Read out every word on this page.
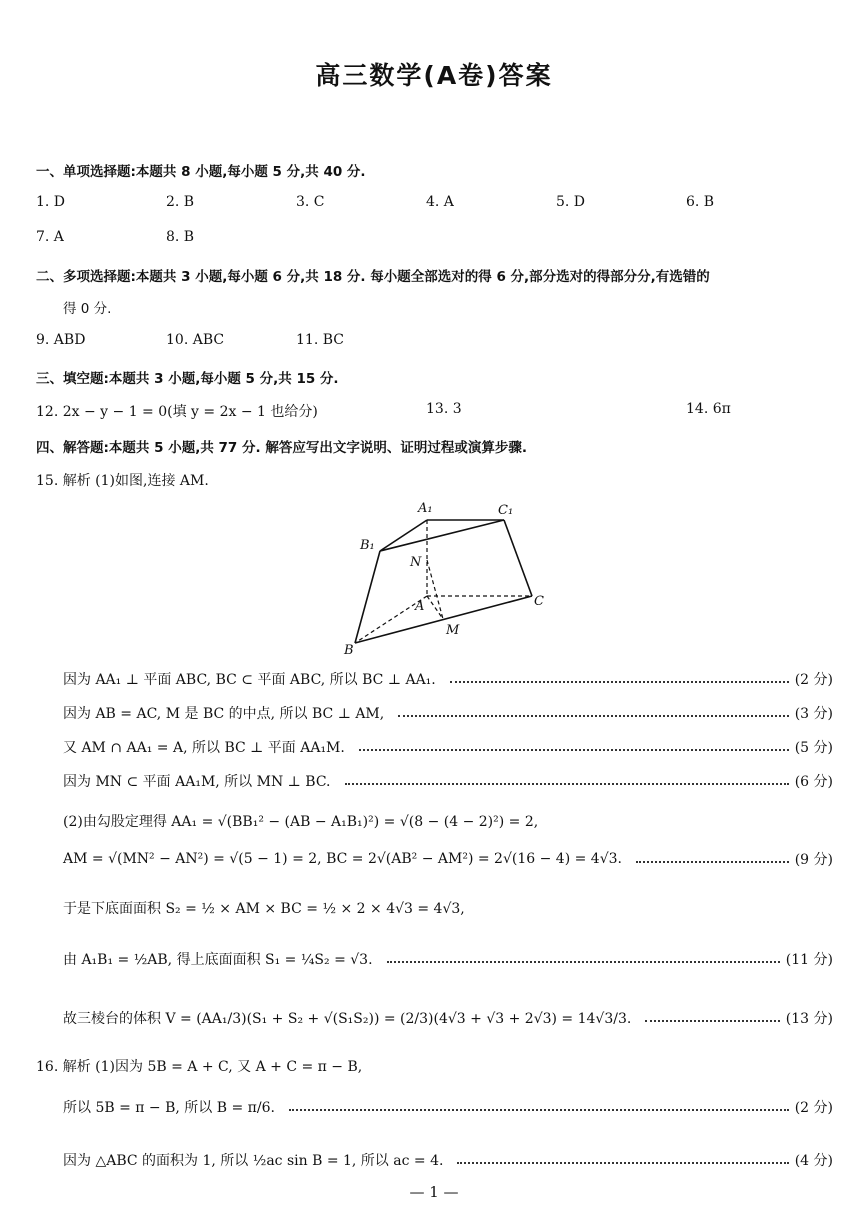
高三数学(A卷)答案
一、单项选择题:本题共 8 小题,每小题 5 分,共 40 分.
1. D	2. B	3. C	4. A	5. D	6. B
7. A	8. B
二、多项选择题:本题共 3 小题,每小题 6 分,共 18 分. 每小题全部选对的得 6 分,部分选对的得部分分,有选错的
得 0 分.
9. ABD	10. ABC	11. BC
三、填空题:本题共 3 小题,每小题 5 分,共 15 分.
12. 2x − y − 1 = 0(填 y = 2x − 1 也给分)	13. 3	14. 6π
四、解答题:本题共 5 小题,共 77 分. 解答应写出文字说明、证明过程或演算步骤.
15. 解析 (1)如图,连接 AM.
A₁	C₁
B₁
N
A	C
M
B
因为 AA₁ ⊥ 平面 ABC, BC ⊂ 平面 ABC, 所以 BC ⊥ AA₁.	(2 分)
因为 AB = AC, M 是 BC 的中点, 所以 BC ⊥ AM,	(3 分)
又 AM ∩ AA₁ = A, 所以 BC ⊥ 平面 AA₁M.	(5 分)
因为 MN ⊂ 平面 AA₁M, 所以 MN ⊥ BC.	(6 分)
(2)由勾股定理得 AA₁ = √(BB₁² − (AB − A₁B₁)²) = √(8 − (4 − 2)²) = 2,
AM = √(MN² − AN²) = √(5 − 1) = 2, BC = 2√(AB² − AM²) = 2√(16 − 4) = 4√3.	(9 分)
于是下底面面积 S₂ = ½ × AM × BC = ½ × 2 × 4√3 = 4√3,
由 A₁B₁ = ½AB, 得上底面面积 S₁ = ¼S₂ = √3.	(11 分)
故三棱台的体积 V = (AA₁/3)(S₁ + S₂ + √(S₁S₂)) = (2/3)(4√3 + √3 + 2√3) = 14√3/3.	(13 分)
16. 解析 (1)因为 5B = A + C, 又 A + C = π − B,
所以 5B = π − B, 所以 B = π/6.	(2 分)
因为 △ABC 的面积为 1, 所以 ½ac sin B = 1, 所以 ac = 4.	(4 分)
— 1 —
